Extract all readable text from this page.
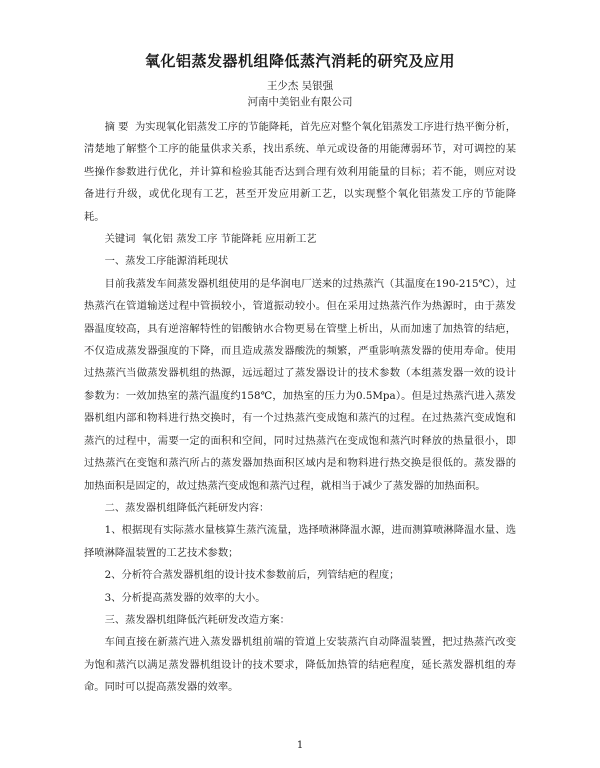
氧化铝蒸发器机组降低蒸汽消耗的研究及应用
王少杰 吴银强
河南中美铝业有限公司

摘 要 为实现氧化铝蒸发工序的节能降耗，首先应对整个氧化铝蒸发工序进行热平衡分析，清楚地了解整个工序的能量供求关系，找出系统、单元或设备的用能薄弱环节，对可调控的某些操作参数进行优化，并计算和检验其能否达到合理有效利用能量的目标；若不能，则应对设备进行升级，或优化现有工艺，甚至开发应用新工艺，以实现整个氧化铝蒸发工序的节能降耗。

关键词 氧化铝 蒸发工序 节能降耗 应用新工艺

一、蒸发工序能源消耗现状

目前我蒸发车间蒸发器机组使用的是华润电厂送来的过热蒸汽（其温度在190-215℃），过热蒸汽在管道输送过程中管损较小，管道振动较小。但在采用过热蒸汽作为热源时，由于蒸发器温度较高，具有逆溶解特性的铝酸钠水合物更易在管壁上析出，从而加速了加热管的结疤，不仅造成蒸发器强度的下降，而且造成蒸发器酸洗的频繁，严重影响蒸发器的使用寿命。使用过热蒸汽当做蒸发器机组的热源，远远超过了蒸发器设计的技术参数（本组蒸发器一效的设计参数为：一效加热室的蒸汽温度约158℃，加热室的压力为0.5Mpa）。但是过热蒸汽进入蒸发器机组内部和物料进行热交换时，有一个过热蒸汽变成饱和蒸汽的过程。在过热蒸汽变成饱和蒸汽的过程中，需要一定的面积和空间，同时过热蒸汽在变成饱和蒸汽时释放的热量很小，即过热蒸汽在变饱和蒸汽所占的蒸发器加热面积区域内是和物料进行热交换是很低的。蒸发器的加热面积是固定的，故过热蒸汽变成饱和蒸汽过程，就相当于减少了蒸发器的加热面积。

二、蒸发器机组降低汽耗研发内容：

1、根据现有实际蒸水量核算生蒸汽流量，选择喷淋降温水源，进而测算喷淋降温水量、选择喷淋降温装置的工艺技术参数；

2、分析符合蒸发器机组的设计技术参数前后，列管结疤的程度；

3、分析提高蒸发器的效率的大小。

三、蒸发器机组降低汽耗研发改造方案：

车间直接在新蒸汽进入蒸发器机组前端的管道上安装蒸汽自动降温装置，把过热蒸汽改变为饱和蒸汽以满足蒸发器机组设计的技术要求，降低加热管的结疤程度，延长蒸发器机组的寿命。同时可以提高蒸发器的效率。

1
